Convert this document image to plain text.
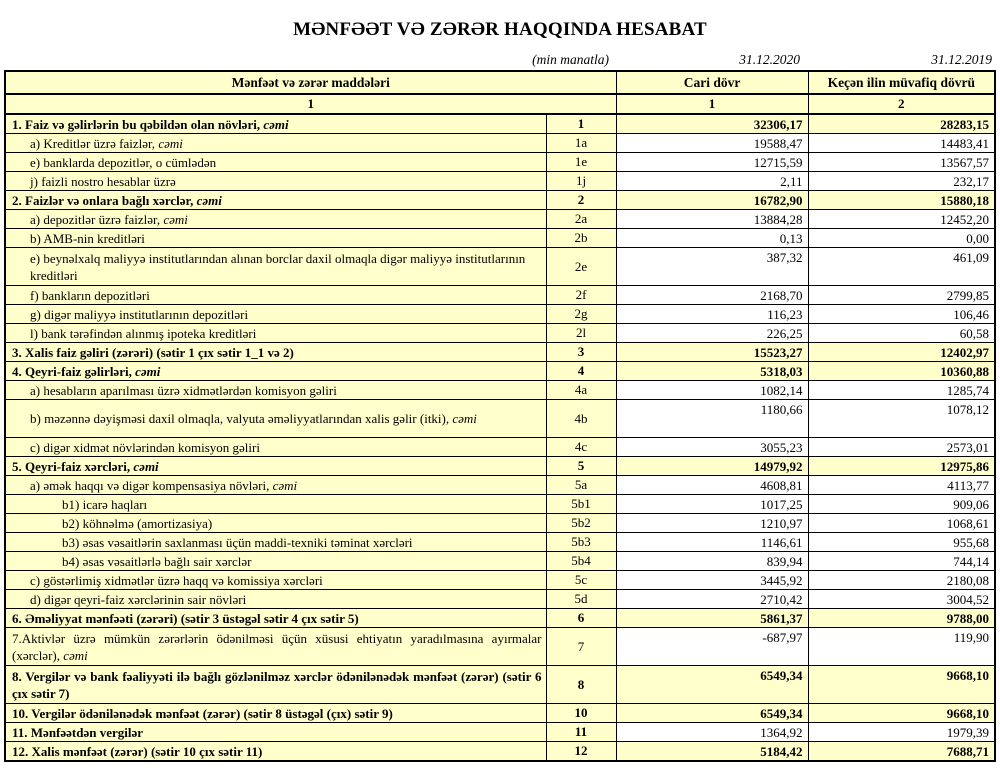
MƏNFƏƏT VƏ ZƏRƏR HAQQINDA HESABAT
(min manatla)	31.12.2020	31.12.2019
Mənfəət və zərər maddələri		Cari dövr	Keçən ilin müvafiq dövrü
1		1	2
1. Faiz və gəlirlərin bu qəbildən olan növləri, cəmi	1	32306,17	28283,15
a) Kreditlər üzrə faizlər, cəmi	1a	19588,47	14483,41
e) banklarda depozitlər, o cümlədən	1e	12715,59	13567,57
j) faizli nostro hesablar üzrə	1j	2,11	232,17
2. Faizlər və onlara bağlı xərclər, cəmi	2	16782,90	15880,18
a) depozitlər üzrə faizlər, cəmi	2a	13884,28	12452,20
b) AMB-nin kreditləri	2b	0,13	0,00
e) beynəlxalq maliyyə institutlarından alınan borclar daxil olmaqla digər maliyyə institutlarının kreditləri	2e	387,32	461,09
f) bankların depozitləri	2f	2168,70	2799,85
g) digər maliyyə institutlarının depozitləri	2g	116,23	106,46
l) bank tərəfindən alınmış ipoteka kreditləri	2l	226,25	60,58
3. Xalis faiz gəliri (zərəri) (sətir 1 çıx sətir 1_1 və 2)	3	15523,27	12402,97
4. Qeyri-faiz gəlirləri, cəmi	4	5318,03	10360,88
a) hesabların aparılması üzrə xidmətlərdən komisyon gəliri	4a	1082,14	1285,74
b) məzənnə dəyişməsi daxil olmaqla, valyuta əməliyyatlarından xalis gəlir (itki), cəmi	4b	1180,66	1078,12
c) digər xidmət növlərindən komisyon gəliri	4c	3055,23	2573,01
5. Qeyri-faiz xərcləri, cəmi	5	14979,92	12975,86
a) əmək haqqı və digər kompensasiya növləri, cəmi	5a	4608,81	4113,77
b1) icarə haqları	5b1	1017,25	909,06
b2) köhnəlmə (amortizasiya)	5b2	1210,97	1068,61
b3) əsas vəsaitlərin saxlanması üçün maddi-texniki təminat xərcləri	5b3	1146,61	955,68
b4) əsas vəsaitlərlə bağlı sair xərclər	5b4	839,94	744,14
c) göstərlimiş xidmətlər üzrə haqq və komissiya xərcləri	5c	3445,92	2180,08
d) digər qeyri-faiz xərclərinin sair növləri	5d	2710,42	3004,52
6. Əməliyyat mənfəəti (zərəri) (sətir 3 üstəgəl sətir 4 çıx sətir 5)	6	5861,37	9788,00
7.Aktivlər üzrə mümkün zərərlərin ödənilməsi üçün xüsusi ehtiyatın yaradılmasına ayırmalar (xərclər), cəmi	7	-687,97	119,90
8. Vergilər və bank fəaliyyəti ilə bağlı gözlənilməz xərclər ödənilənədək mənfəət (zərər) (sətir 6 çıx sətir 7)	8	6549,34	9668,10
10. Vergilər ödənilənədək mənfəət (zərər) (sətir 8 üstəgəl (çıx) sətir 9)	10	6549,34	9668,10
11. Mənfəətdən vergilər	11	1364,92	1979,39
12. Xalis mənfəət (zərər) (sətir 10 çıx sətir 11)	12	5184,42	7688,71
